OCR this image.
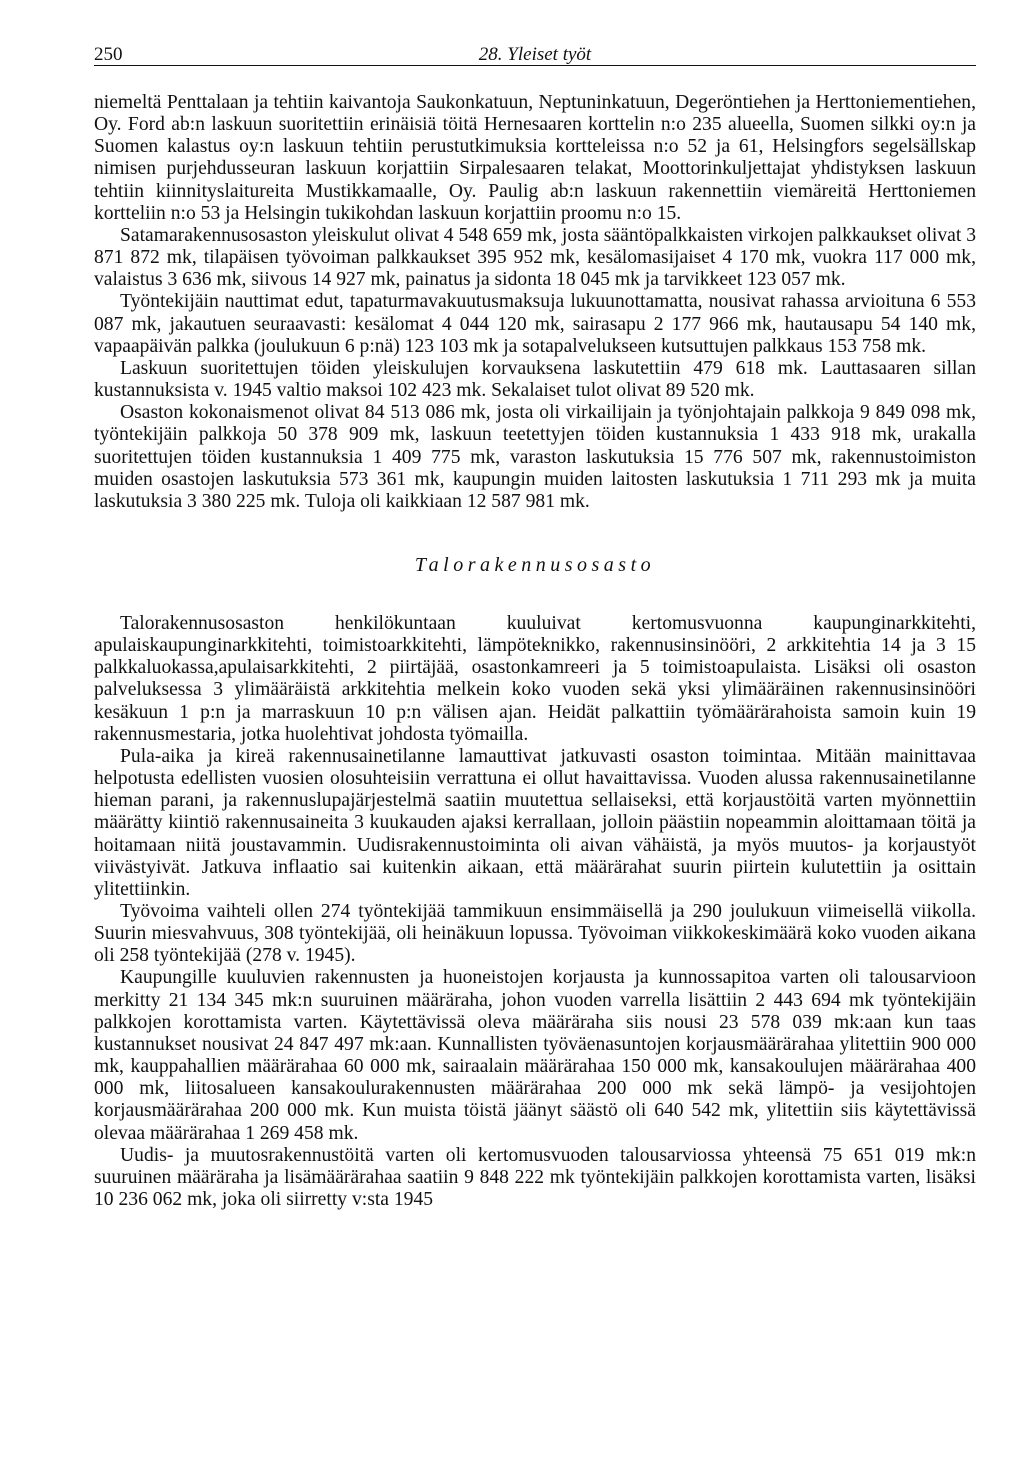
250	28. Yleiset työt

niemeltä Penttalaan ja tehtiin kaivantoja Saukonkatuun, Neptuninkatuun, Degeröntiehen ja Herttoniementiehen, Oy. Ford ab:n laskuun suoritettiin erinäisiä töitä Hernesaaren korttelin n:o 235 alueella, Suomen silkki oy:n ja Suomen kalastus oy:n laskuun tehtiin perustutkimuksia kortteleissa n:o 52 ja 61, Helsingfors segelsällskap nimisen purjehdusseuran laskuun korjattiin Sirpalesaaren telakat, Moottorinkuljettajat yhdistyksen laskuun tehtiin kiinnityslaitureita Mustikkamaalle, Oy. Paulig ab:n laskuun rakennettiin viemäreitä Herttoniemen kortteliin n:o 53 ja Helsingin tukikohdan laskuun korjattiin proomu n:o 15.

Satamarakennusosaston yleiskulut olivat 4 548 659 mk, josta sääntöpalkkaisten virkojen palkkaukset olivat 3 871 872 mk, tilapäisen työvoiman palkkaukset 395 952 mk, kesälomasijaiset 4 170 mk, vuokra 117 000 mk, valaistus 3 636 mk, siivous 14 927 mk, painatus ja sidonta 18 045 mk ja tarvikkeet 123 057 mk.

Työntekijäin nauttimat edut, tapaturmavakuutusmaksuja lukuunottamatta, nousivat rahassa arvioituna 6 553 087 mk, jakautuen seuraavasti: kesälomat 4 044 120 mk, sairasapu 2 177 966 mk, hautausapu 54 140 mk, vapaapäivän palkka (joulukuun 6 p:nä) 123 103 mk ja sotapalvelukseen kutsuttujen palkkaus 153 758 mk.

Laskuun suoritettujen töiden yleiskulujen korvauksena laskutettiin 479 618 mk. Lauttasaaren sillan kustannuksista v. 1945 valtio maksoi 102 423 mk. Sekalaiset tulot olivat 89 520 mk.

Osaston kokonaismenot olivat 84 513 086 mk, josta oli virkailijain ja työnjohtajain palkkoja 9 849 098 mk, työntekijäin palkkoja 50 378 909 mk, laskuun teetettyjen töiden kustannuksia 1 433 918 mk, urakalla suoritettujen töiden kustannuksia 1 409 775 mk, varaston laskutuksia 15 776 507 mk, rakennustoimiston muiden osastojen laskutuksia 573 361 mk, kaupungin muiden laitosten laskutuksia 1 711 293 mk ja muita laskutuksia 3 380 225 mk. Tuloja oli kaikkiaan 12 587 981 mk.

Talorakennusosasto

Talorakennusosaston henkilökuntaan kuuluivat kertomusvuonna kaupunginarkkitehti, apulaiskaupunginarkkitehti, toimistoarkkitehti, lämpöteknikko, rakennusinsinööri, 2 arkkitehtia 14 ja 3 15 palkkaluokassa,apulaisarkkitehti, 2 piirtäjää, osastonkamreeri ja 5 toimistoapulaista. Lisäksi oli osaston palveluksessa 3 ylimääräistä arkkitehtia melkein koko vuoden sekä yksi ylimääräinen rakennusinsinööri kesäkuun 1 p:n ja marraskuun 10 p:n välisen ajan. Heidät palkattiin työmäärärahoista samoin kuin 19 rakennusmestaria, jotka huolehtivat johdosta työmailla.

Pula-aika ja kireä rakennusainetilanne lamauttivat jatkuvasti osaston toimintaa. Mitään mainittavaa helpotusta edellisten vuosien olosuhteisiin verrattuna ei ollut havaittavissa. Vuoden alussa rakennusainetilanne hieman parani, ja rakennuslupajärjestelmä saatiin muutettua sellaiseksi, että korjaustöitä varten myönnettiin määrätty kiintiö rakennusaineita 3 kuukauden ajaksi kerrallaan, jolloin päästiin nopeammin aloittamaan töitä ja hoitamaan niitä joustavammin. Uudisrakennustoiminta oli aivan vähäistä, ja myös muutos- ja korjaustyöt viivästyivät. Jatkuva inflaatio sai kuitenkin aikaan, että määrärahat suurin piirtein kulutettiin ja osittain ylitettiinkin.

Työvoima vaihteli ollen 274 työntekijää tammikuun ensimmäisellä ja 290 joulukuun viimeisellä viikolla. Suurin miesvahvuus, 308 työntekijää, oli heinäkuun lopussa. Työvoiman viikkokeskimäärä koko vuoden aikana oli 258 työntekijää (278 v. 1945).

Kaupungille kuuluvien rakennusten ja huoneistojen korjausta ja kunnossapitoa varten oli talousarvioon merkitty 21 134 345 mk:n suuruinen määräraha, johon vuoden varrella lisättiin 2 443 694 mk työntekijäin palkkojen korottamista varten. Käytettävissä oleva määräraha siis nousi 23 578 039 mk:aan kun taas kustannukset nousivat 24 847 497 mk:aan. Kunnallisten työväenasuntojen korjausmäärärahaa ylitettiin 900 000 mk, kauppahallien määrärahaa 60 000 mk, sairaalain määrärahaa 150 000 mk, kansakoulujen määrärahaa 400 000 mk, liitosalueen kansakoulurakennusten määrärahaa 200 000 mk sekä lämpö- ja vesijohtojen korjausmäärärahaa 200 000 mk. Kun muista töistä jäänyt säästö oli 640 542 mk, ylitettiin siis käytettävissä olevaa määrärahaa 1 269 458 mk.

Uudis- ja muutosrakennustöitä varten oli kertomusvuoden talousarviossa yhteensä 75 651 019 mk:n suuruinen määräraha ja lisämäärärahaa saatiin 9 848 222 mk työntekijäin palkkojen korottamista varten, lisäksi 10 236 062 mk, joka oli siirretty v:sta 1945
